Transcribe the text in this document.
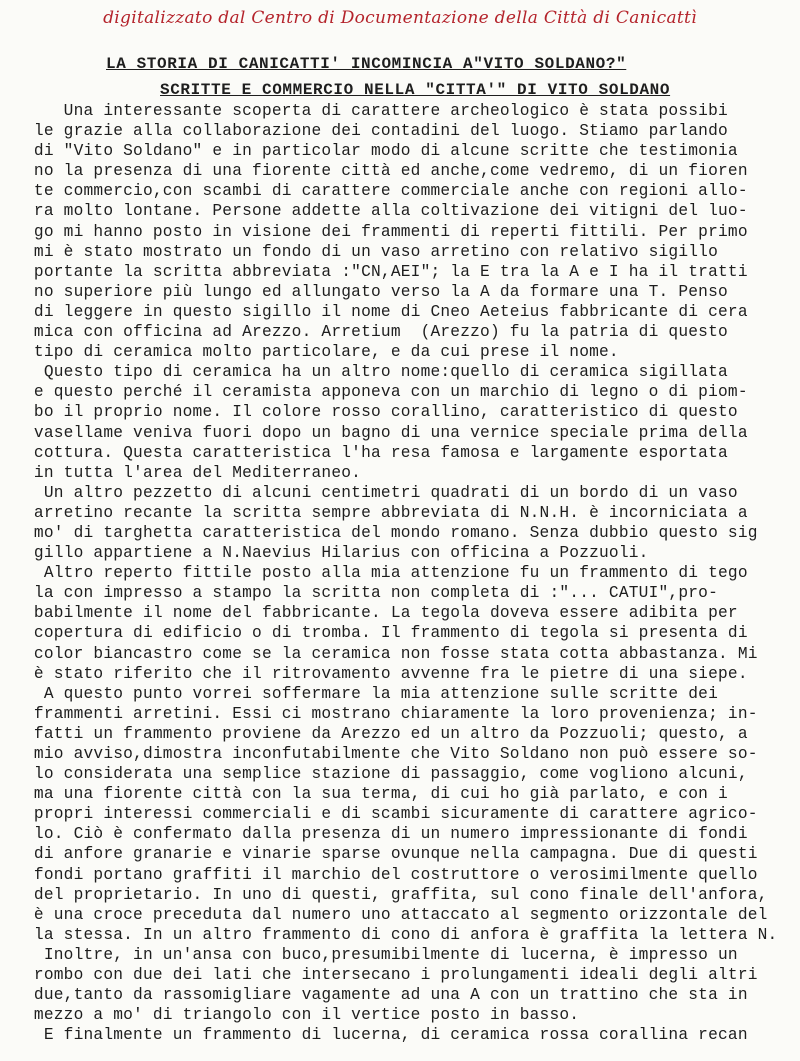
digitalizzato dal Centro di Documentazione della Città di Canicattì
LA STORIA DI CANICATTI' INCOMINCIA A"VITO SOLDANO?"
SCRITTE E COMMERCIO NELLA "CITTA'" DI VITO SOLDANO
Una interessante scoperta di carattere archeologico è stata possibi
le grazie alla collaborazione dei contadini del luogo. Stiamo parlando
di "Vito Soldano" e in particolar modo di alcune scritte che testimonia
no la presenza di una fiorente città ed anche,come vedremo, di un fioren
te commercio,con scambi di carattere commerciale anche con regioni allo-
ra molto lontane. Persone addette alla coltivazione dei vitigni del luo-
go mi hanno posto in visione dei frammenti di reperti fittili. Per primo
mi è stato mostrato un fondo di un vaso arretino con relativo sigillo
portante la scritta abbreviata :"CN,AEI"; la E tra la A e I ha il tratti
no superiore più lungo ed allungato verso la A da formare una T. Penso
di leggere in questo sigillo il nome di Cneo Aeteius fabbricante di cera
mica con officina ad Arezzo. Arretium  (Arezzo) fu la patria di questo
tipo di ceramica molto particolare, e da cui prese il nome.
Questo tipo di ceramica ha un altro nome:quello di ceramica sigillata
e questo perché il ceramista apponeva con un marchio di legno o di piom-
bo il proprio nome. Il colore rosso corallino, caratteristico di questo
vasellame veniva fuori dopo un bagno di una vernice speciale prima della
cottura. Questa caratteristica l'ha resa famosa e largamente esportata
in tutta l'area del Mediterraneo.
Un altro pezzetto di alcuni centimetri quadrati di un bordo di un vaso
arretino recante la scritta sempre abbreviata di N.N.H. è incorniciata a
mo' di targhetta caratteristica del mondo romano. Senza dubbio questo sig
gillo appartiene a N.Naevius Hilarius con officina a Pozzuoli.
Altro reperto fittile posto alla mia attenzione fu un frammento di tego
la con impresso a stampo la scritta non completa di :"... CATUI",pro-
babilmente il nome del fabbricante. La tegola doveva essere adibita per
copertura di edificio o di tromba. Il frammento di tegola si presenta di
color biancastro come se la ceramica non fosse stata cotta abbastanza. Mi
è stato riferito che il ritrovamento avvenne fra le pietre di una siepe.
A questo punto vorrei soffermare la mia attenzione sulle scritte dei
frammenti arretini. Essi ci mostrano chiaramente la loro provenienza; in-
fatti un frammento proviene da Arezzo ed un altro da Pozzuoli; questo, a
mio avviso,dimostra inconfutabilmente che Vito Soldano non può essere so-
lo considerata una semplice stazione di passaggio, come vogliono alcuni,
ma una fiorente città con la sua terma, di cui ho già parlato, e con i
propri interessi commerciali e di scambi sicuramente di carattere agrico-
lo. Ciò è confermato dalla presenza di un numero impressionante di fondi
di anfore granarie e vinarie sparse ovunque nella campagna. Due di questi
fondi portano graffiti il marchio del costruttore o verosimilmente quello
del proprietario. In uno di questi, graffita, sul cono finale dell'anfora,
è una croce preceduta dal numero uno attaccato al segmento orizzontale del
la stessa. In un altro frammento di cono di anfora è graffita la lettera N.
Inoltre, in un'ansa con buco,presumibilmente di lucerna, è impresso un
rombo con due dei lati che intersecano i prolungamenti ideali degli altri
due,tanto da rassomigliare vagamente ad una A con un trattino che sta in
mezzo a mo' di triangolo con il vertice posto in basso.
E finalmente un frammento di lucerna, di ceramica rossa corallina recan
